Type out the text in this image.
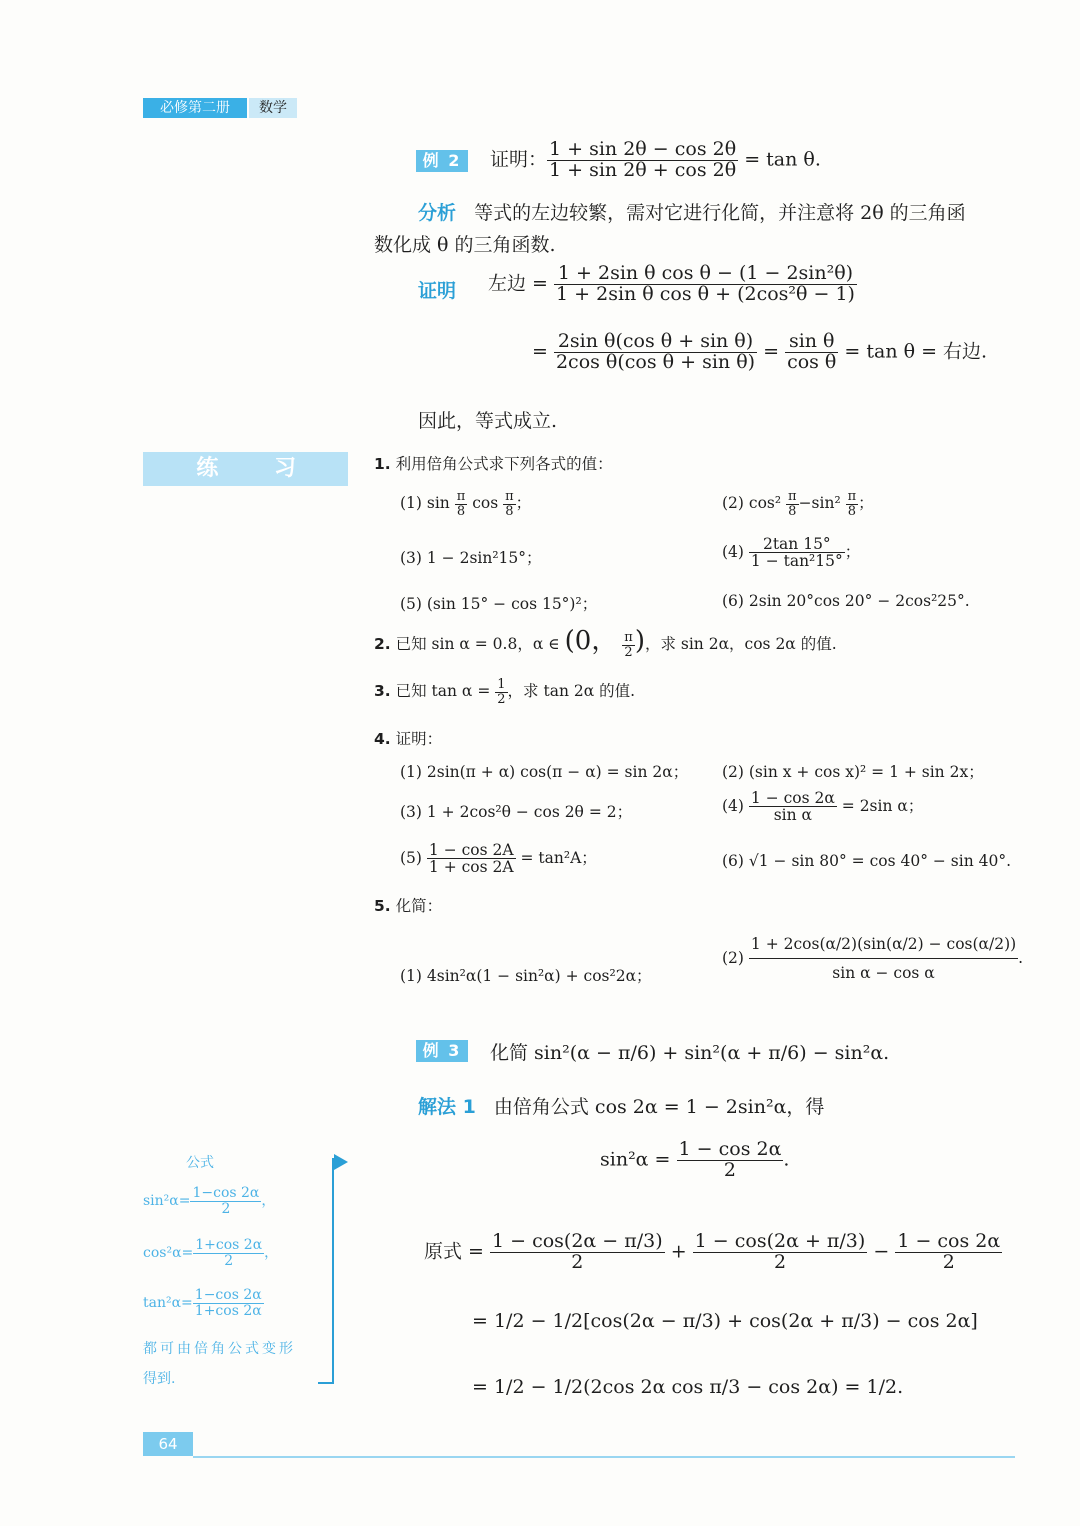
必修第二册	数学
例 2	证明： $\frac{1 + \sin 2\theta - \cos 2\theta}{1 + \sin 2\theta + \cos 2\theta} = \tan \theta$.
分析 等式的左边较繁，需对它进行化简，并注意将 2θ 的三角函
数化成 θ 的三角函数.
证明 左边 = $\frac{\text{1 + 2sin θ cos θ − (1 − 2sin²θ)}}{\text{1 + 2sin θ cos θ + (2cos²θ − 1)}}$
= $\frac{\text{2sin θ(cos θ + sin θ)}}{\text{2cos θ(cos θ + sin θ)}} = \frac{\text{sin θ}}{\text{cos θ}} = \tan \theta$ = 右边.
因此，等式成立.
练 习	1. 利用倍角公式求下列各式的值：
(1) $\sin \frac{\pi}{8}$ $\cos \frac{\pi}{8}$ ；	(2) $\cos^2 \frac{\pi}{8} -\sin^2 \frac{\pi}{8}$ ；
(3) 1 − 2sin²15°；	$(4) \frac{2\tan 15^\circ}{\text{1 − tan²15°}}$ ；
(5) (sin 15° − cos 15°)²；	(6) 2sin 20°cos 20° − 2cos²25°.
2. 已知 sin α = 0.8，α ∈ (0， $\frac{\pi}{2}$ )，求 sin 2α，cos 2α 的值.
3. 已知 $\tan \alpha = \frac{1}{2}$ ，求 tan 2α 的值.
4. 证明：
(1) 2sin(π + α) cos(π − α) = sin 2α； (2) (sin x + cos x)² = 1 + sin 2x；
(3) 1 + 2cos²θ − cos 2θ = 2；	$(4) \frac{1 - \cos 2\alpha}{\text{sin α}} = 2\sin$ α；
$(5) \frac{1 - \cos 2A}{1 + \cos 2A} = \tan^2A$；	(6) √1 − sin 80° = cos 40° − sin 40°.
5. 化简：
(1) 4sin²α(1 − sin²α) + cos²2α；
$(2) \frac{1 + 2\cos(\alpha/2)(\sin(\alpha/2) - \cos(\alpha/2))}{\text{sin α − cos α}}$ .
例 3	化简 sin²(α − π/6) + sin²(α + π/6) − sin²α.
解法 1 由倍角公式 cos 2α = 1 − 2sin²α，得
$\sin^2\alpha = \frac{1 - \cos 2\alpha}{2}$ .
原式 = $\frac{1 - \cos(2\alpha - \pi/3)}{2} + \frac{1 - \cos(2\alpha + \pi/3)}{2} - \frac{1 - \cos 2\alpha}{2}$
= 1/2 − 1/2[cos(2α − π/3) + cos(2α + π/3) − cos 2α]
= 1/2 − 1/2(2cos 2α cos π/3 − cos 2α) = 1/2.
公式
$\sin^2\alpha= \frac{1-\cos 2\alpha}{2}$ ，
$\cos^2\alpha= \frac{1+\cos 2\alpha}{2}$ ，
$\tan^2\alpha= \frac{1-\cos 2\alpha}{1+\cos 2\alpha}$
都可由倍角公式变形
得到.
64
